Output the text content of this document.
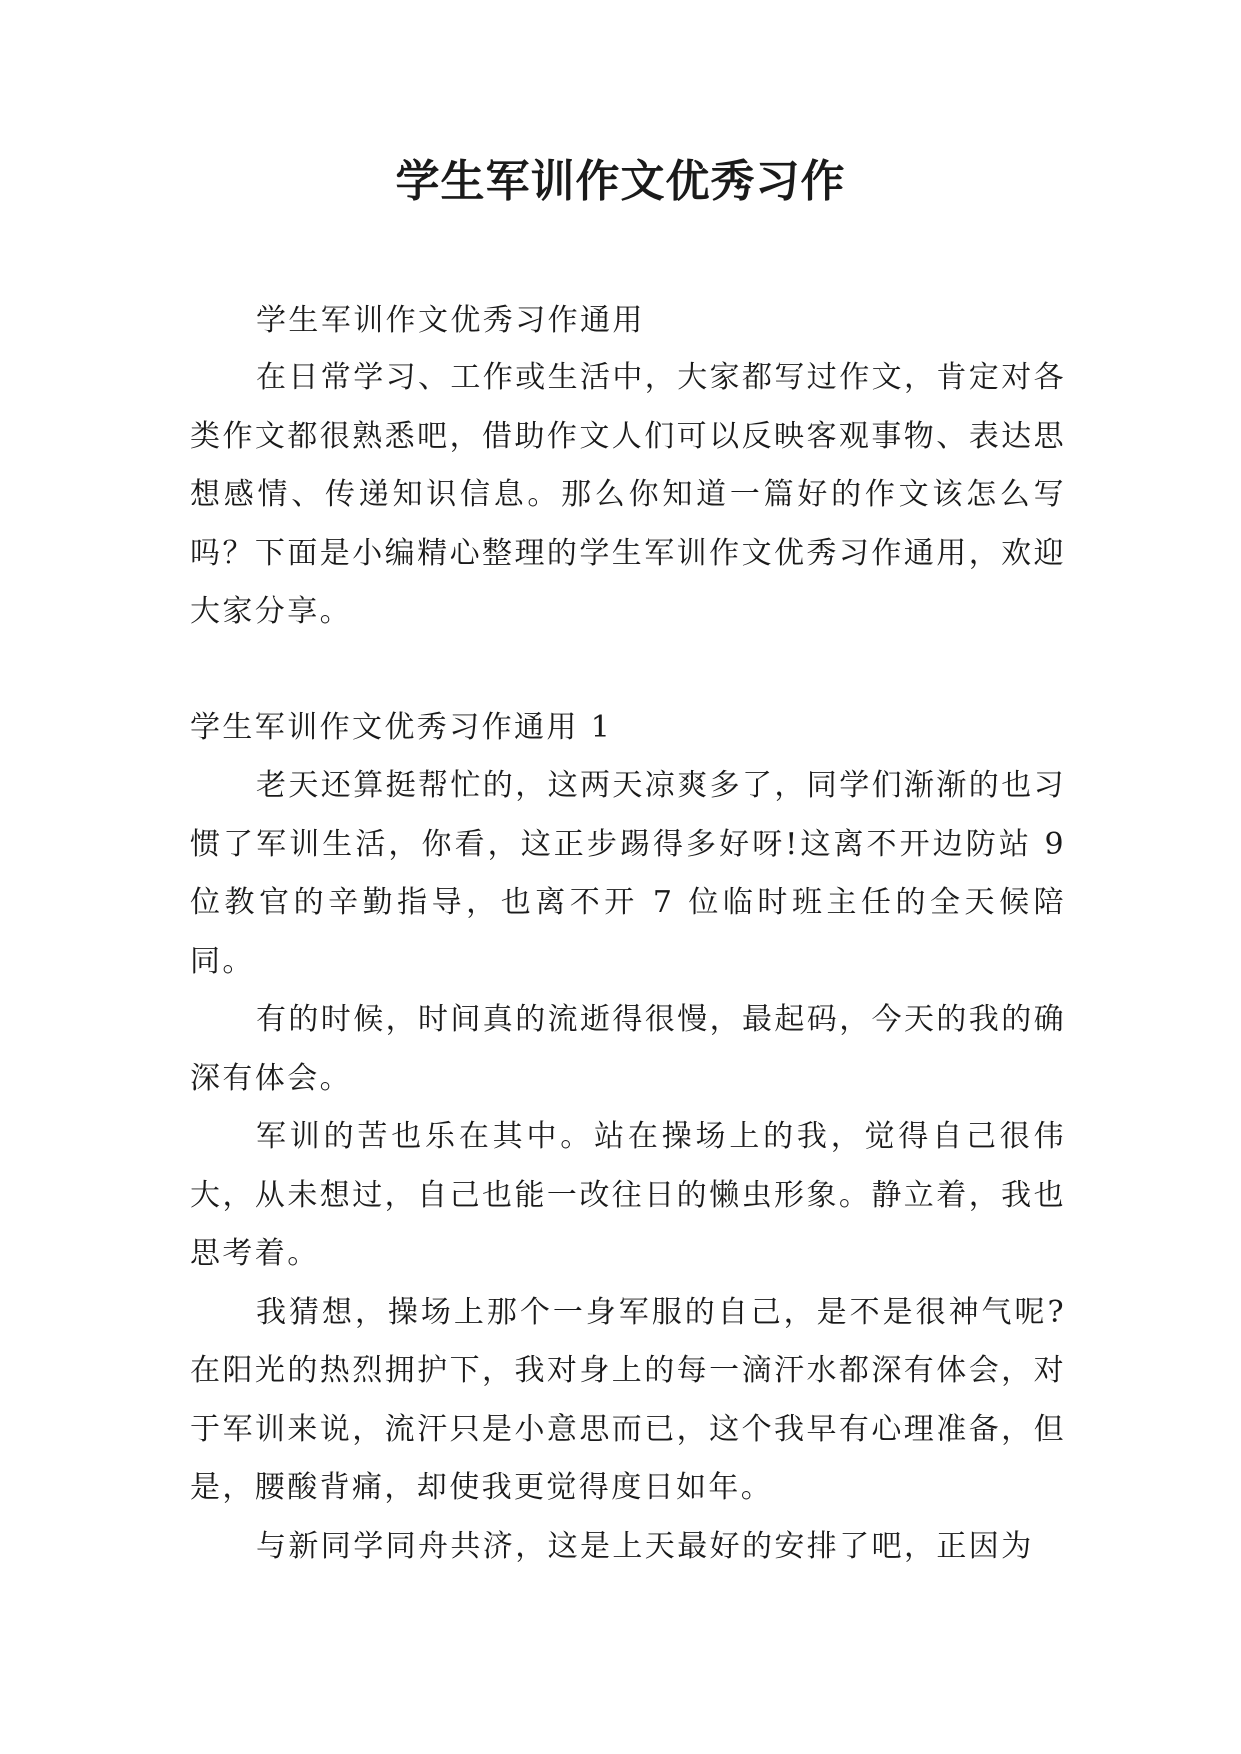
学生军训作文优秀习作

学生军训作文优秀习作通用

在日常学习、工作或生活中，大家都写过作文，肯定对各类作文都很熟悉吧，借助作文人们可以反映客观事物、表达思想感情、传递知识信息。那么你知道一篇好的作文该怎么写吗？下面是小编精心整理的学生军训作文优秀习作通用，欢迎大家分享。

学生军训作文优秀习作通用 1

老天还算挺帮忙的，这两天凉爽多了，同学们渐渐的也习惯了军训生活，你看，这正步踢得多好呀!这离不开边防站 9 位教官的辛勤指导，也离不开 7 位临时班主任的全天候陪同。

有的时候，时间真的流逝得很慢，最起码，今天的我的确深有体会。

军训的苦也乐在其中。站在操场上的我，觉得自己很伟大，从未想过，自己也能一改往日的懒虫形象。静立着，我也思考着。

我猜想，操场上那个一身军服的自己，是不是很神气呢?在阳光的热烈拥护下，我对身上的每一滴汗水都深有体会，对于军训来说，流汗只是小意思而已，这个我早有心理准备，但是，腰酸背痛，却使我更觉得度日如年。

与新同学同舟共济，这是上天最好的安排了吧，正因为
